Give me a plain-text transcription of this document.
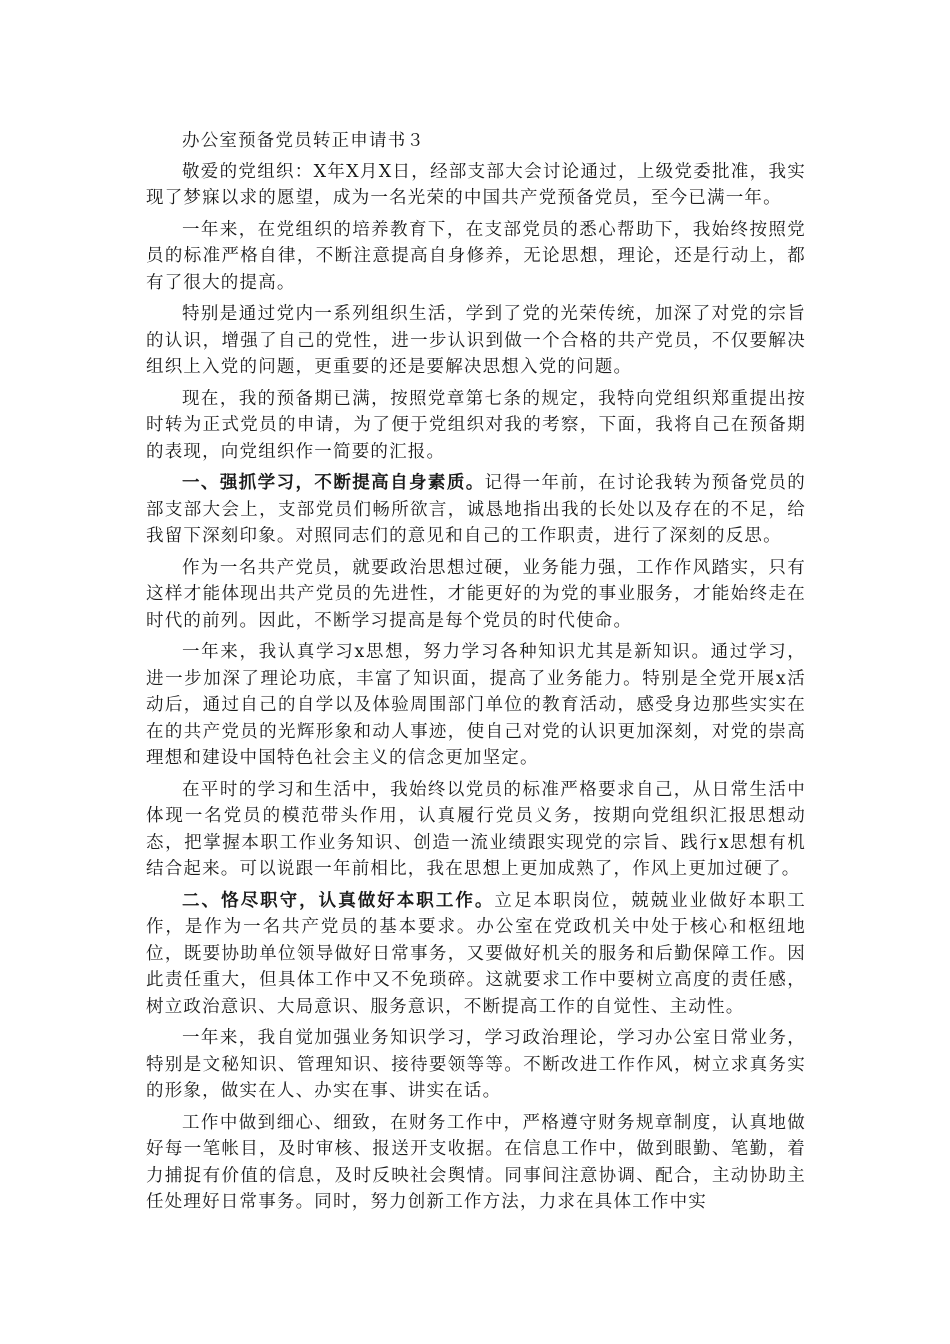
办公室预备党员转正申请书３

敬爱的党组织：X年X月X日，经部支部大会讨论通过，上级党委批准，我实现了梦寐以求的愿望，成为一名光荣的中国共产党预备党员，至今已满一年。

一年来，在党组织的培养教育下，在支部党员的悉心帮助下，我始终按照党员的标准严格自律，不断注意提高自身修养，无论思想，理论，还是行动上，都有了很大的提高。

特别是通过党内一系列组织生活，学到了党的光荣传统，加深了对党的宗旨的认识，增强了自己的党性，进一步认识到做一个合格的共产党员，不仅要解决组织上入党的问题，更重要的还是要解决思想入党的问题。

现在，我的预备期已满，按照党章第七条的规定，我特向党组织郑重提出按时转为正式党员的申请，为了便于党组织对我的考察，下面，我将自己在预备期的表现，向党组织作一简要的汇报。

一、强抓学习，不断提高自身素质。记得一年前，在讨论我转为预备党员的部支部大会上，支部党员们畅所欲言，诚恳地指出我的长处以及存在的不足，给我留下深刻印象。对照同志们的意见和自己的工作职责，进行了深刻的反思。

作为一名共产党员，就要政治思想过硬，业务能力强，工作作风踏实，只有这样才能体现出共产党员的先进性，才能更好的为党的事业服务，才能始终走在时代的前列。因此，不断学习提高是每个党员的时代使命。

一年来，我认真学习x思想，努力学习各种知识尤其是新知识。通过学习，进一步加深了理论功底，丰富了知识面，提高了业务能力。特别是全党开展x活动后，通过自己的自学以及体验周围部门单位的教育活动，感受身边那些实实在在的共产党员的光辉形象和动人事迹，使自己对党的认识更加深刻，对党的崇高理想和建设中国特色社会主义的信念更加坚定。

在平时的学习和生活中，我始终以党员的标准严格要求自己，从日常生活中体现一名党员的模范带头作用，认真履行党员义务，按期向党组织汇报思想动态，把掌握本职工作业务知识、创造一流业绩跟实现党的宗旨、践行x思想有机结合起来。可以说跟一年前相比，我在思想上更加成熟了，作风上更加过硬了。

二、恪尽职守，认真做好本职工作。立足本职岗位，兢兢业业做好本职工作，是作为一名共产党员的基本要求。办公室在党政机关中处于核心和枢纽地位，既要协助单位领导做好日常事务，又要做好机关的服务和后勤保障工作。因此责任重大，但具体工作中又不免琐碎。这就要求工作中要树立高度的责任感，树立政治意识、大局意识、服务意识，不断提高工作的自觉性、主动性。

一年来，我自觉加强业务知识学习，学习政治理论，学习办公室日常业务，特别是文秘知识、管理知识、接待要领等等。不断改进工作作风，树立求真务实的形象，做实在人、办实在事、讲实在话。

工作中做到细心、细致，在财务工作中，严格遵守财务规章制度，认真地做好每一笔帐目，及时审核、报送开支收据。在信息工作中，做到眼勤、笔勤，着力捕捉有价值的信息，及时反映社会舆情。同事间注意协调、配合，主动协助主任处理好日常事务。同时，努力创新工作方法，力求在具体工作中实
